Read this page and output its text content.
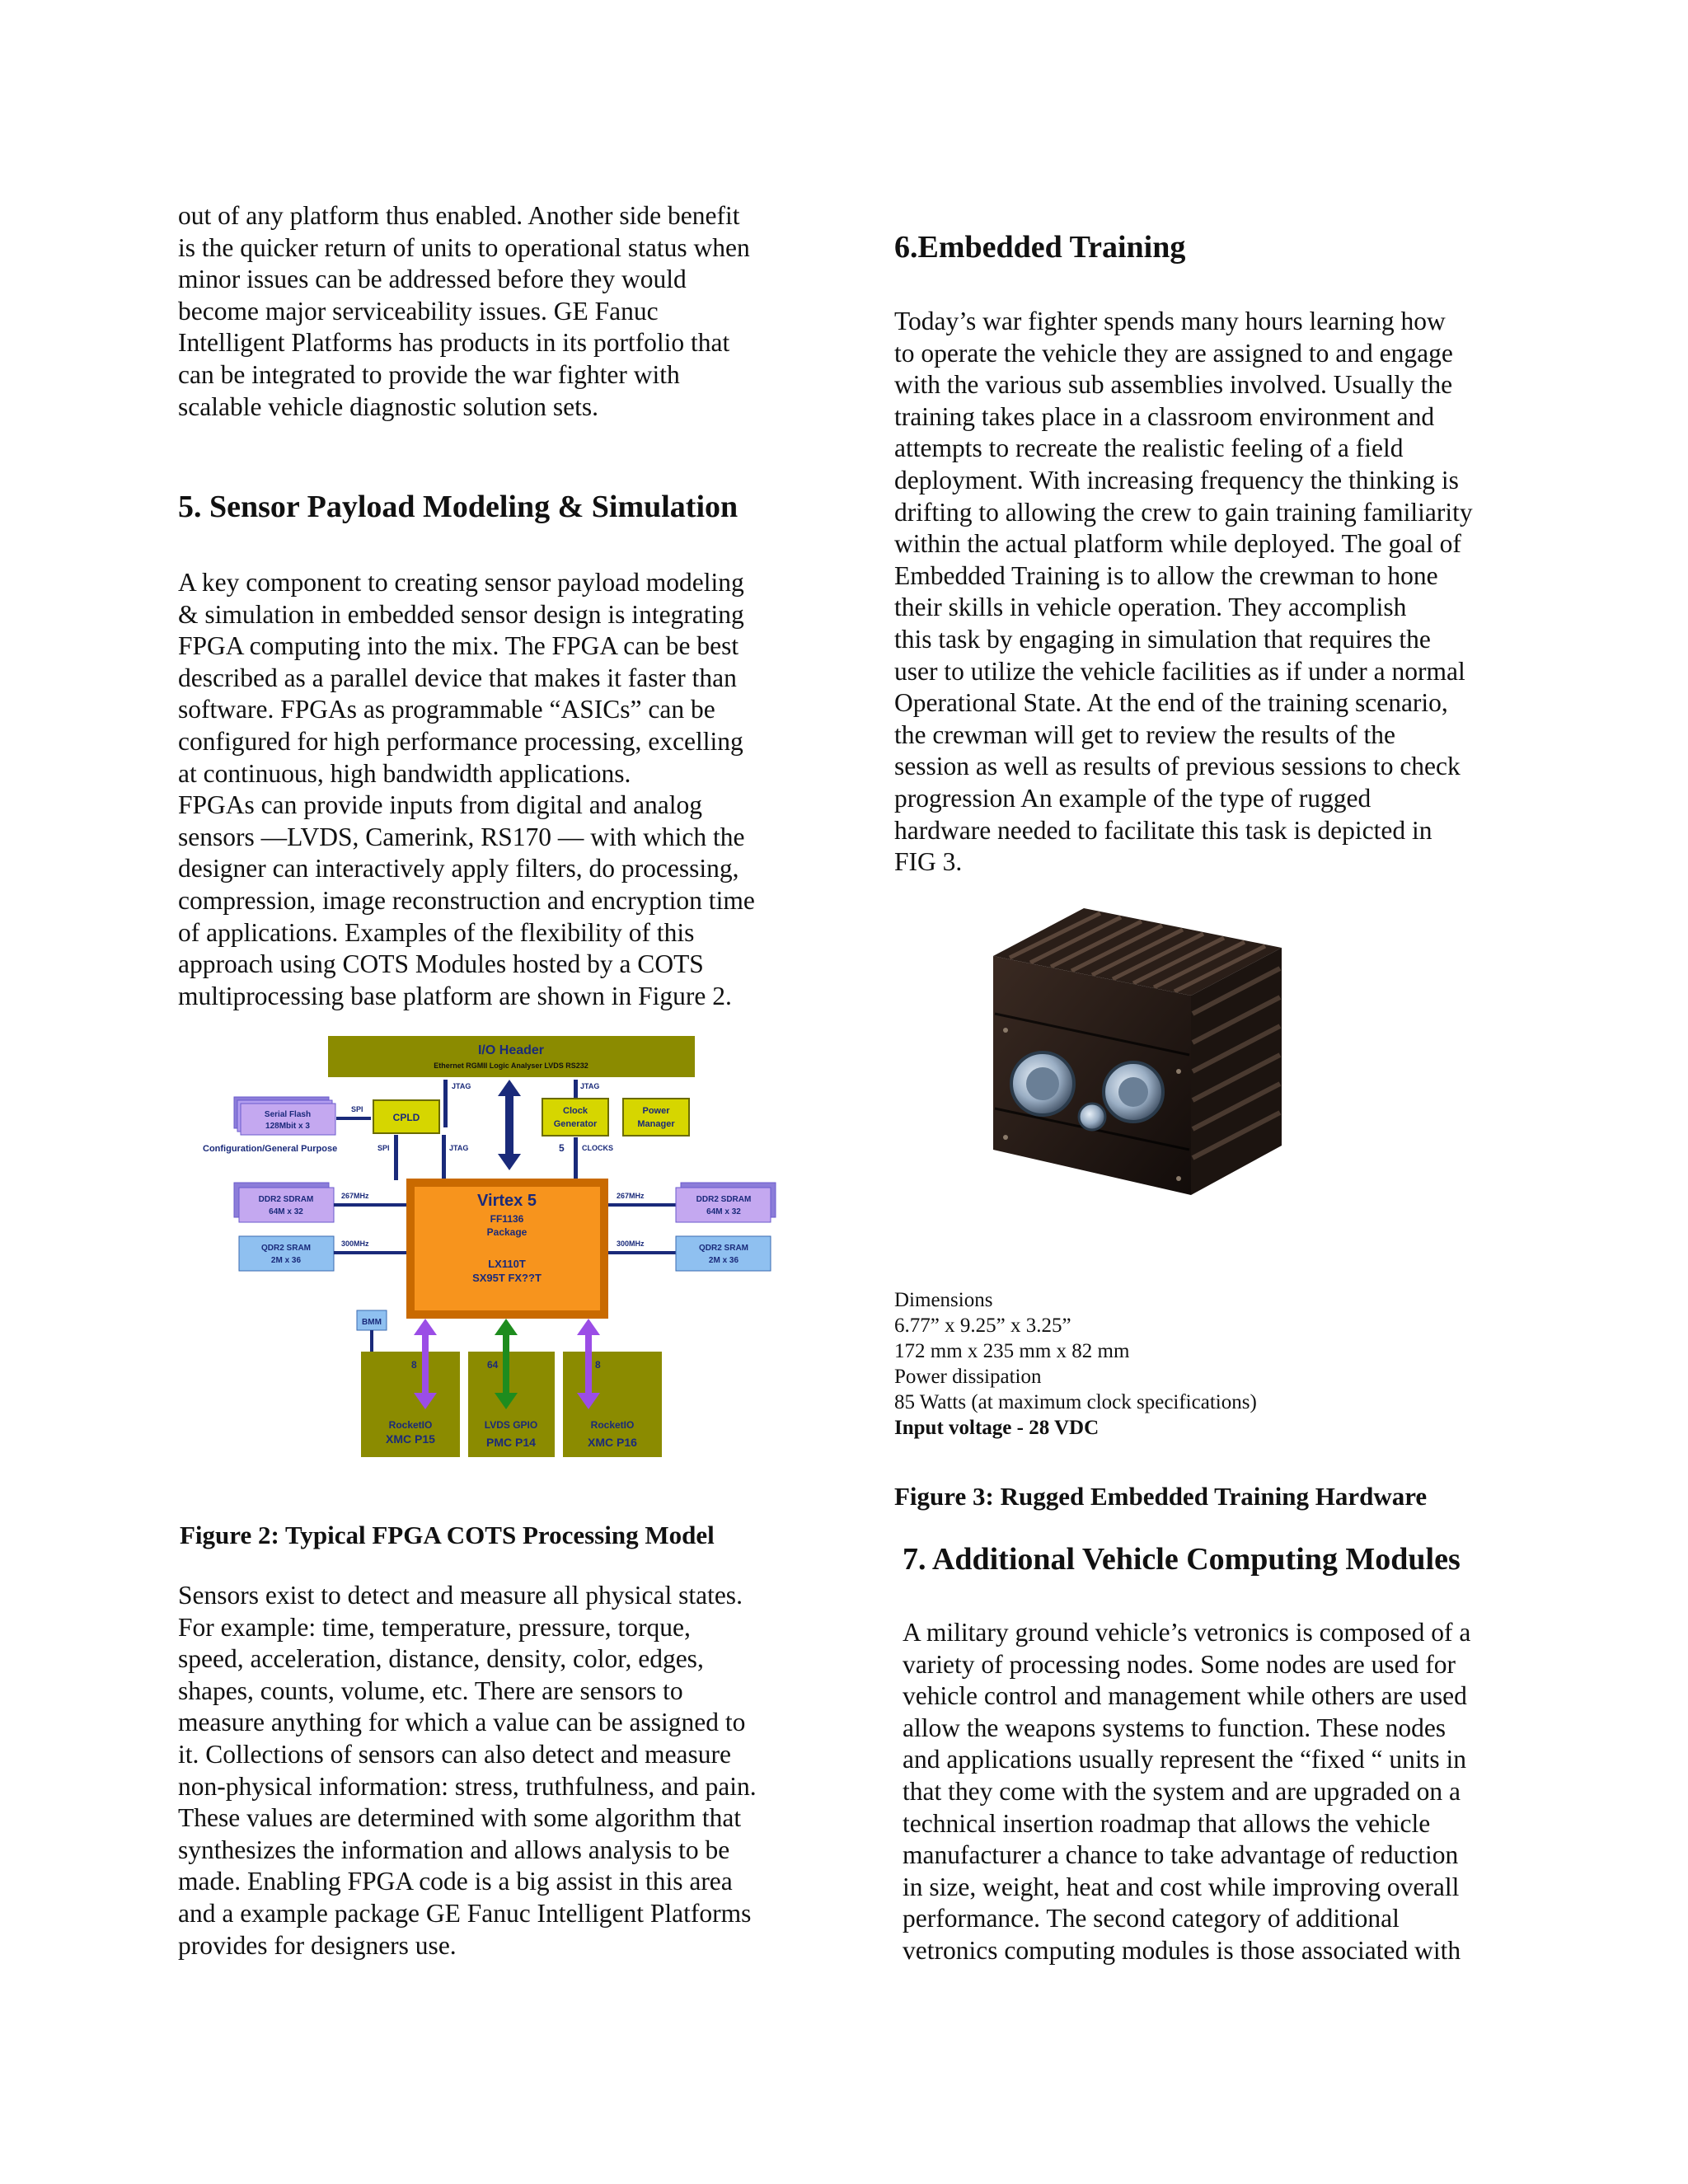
out of any platform thus enabled. Another side benefit
is the quicker return of units to operational status when
minor issues can be addressed before they would
become major serviceability issues. GE Fanuc
Intelligent Platforms has products in its portfolio that
can be integrated to provide the war fighter with
scalable vehicle diagnostic solution sets.

5. Sensor Payload Modeling & Simulation

A key component to creating sensor payload modeling
& simulation in embedded sensor design is integrating
FPGA computing into the mix. The FPGA can be best
described as a parallel device that makes it faster than
software. FPGAs as programmable “ASICs” can be
configured for high performance processing, excelling
at continuous, high bandwidth applications.
FPGAs can provide inputs from digital and analog
sensors —LVDS, Camerink, RS170 — with which the
designer can interactively apply filters, do processing,
compression, image reconstruction and encryption time
of applications. Examples of the flexibility of this
approach using COTS Modules hosted by a COTS
multiprocessing base platform are shown in Figure 2.

I/O Header
Ethernet RGMII Logic Analyser LVDS RS232
JTAG	JTAG
Serial Flash
128Mbit x 3
Configuration/General Purpose
SPI
CPLD
Clock
Generator
Power
Manager
SPI	JTAG	5 CLOCKS
Virtex 5
FF1136
Package
LX110T
SX95T FX??T
DDR2 SDRAM
64M x 32
267MHz
QDR2 SRAM
2M x 36
300MHz
267MHz	DDR2 SDRAM
64M x 32
300MHz	QDR2 SRAM
2M x 36
BMM
RocketIO
XMC P15
LVDS GPIO
PMC P14
RocketIO
XMC P16
8	64	8

Figure 2: Typical FPGA COTS Processing Model

Sensors exist to detect and measure all physical states.
For example: time, temperature, pressure, torque,
speed, acceleration, distance, density, color, edges,
shapes, counts, volume, etc. There are sensors to
measure anything for which a value can be assigned to
it. Collections of sensors can also detect and measure
non-physical information: stress, truthfulness, and pain.
These values are determined with some algorithm that
synthesizes the information and allows analysis to be
made. Enabling FPGA code is a big assist in this area
and a example package GE Fanuc Intelligent Platforms
provides for designers use.

6.Embedded Training

Today’s war fighter spends many hours learning how
to operate the vehicle they are assigned to and engage
with the various sub assemblies involved. Usually the
training takes place in a classroom environment and
attempts to recreate the realistic feeling of a field
deployment. With increasing frequency the thinking is
drifting to allowing the crew to gain training familiarity
within the actual platform while deployed. The goal of
Embedded Training is to allow the crewman to hone
their skills in vehicle operation. They accomplish
this task by engaging in simulation that requires the
user to utilize the vehicle facilities as if under a normal
Operational State. At the end of the training scenario,
the crewman will get to review the results of the
session as well as results of previous sessions to check
progression An example of the type of rugged
hardware needed to facilitate this task is depicted in
FIG 3.

Dimensions
6.77” x 9.25” x 3.25”
172 mm x 235 mm x 82 mm
Power dissipation
85 Watts (at maximum clock specifications)
Input voltage - 28 VDC

Figure 3: Rugged Embedded Training Hardware

7. Additional Vehicle Computing Modules

A military ground vehicle’s vetronics is composed of a
variety of processing nodes. Some nodes are used for
vehicle control and management while others are used
allow the weapons systems to function. These nodes
and applications usually represent the “fixed “ units in
that they come with the system and are upgraded on a
technical insertion roadmap that allows the vehicle
manufacturer a chance to take advantage of reduction
in size, weight, heat and cost while improving overall
performance. The second category of additional
vetronics computing modules is those associated with
